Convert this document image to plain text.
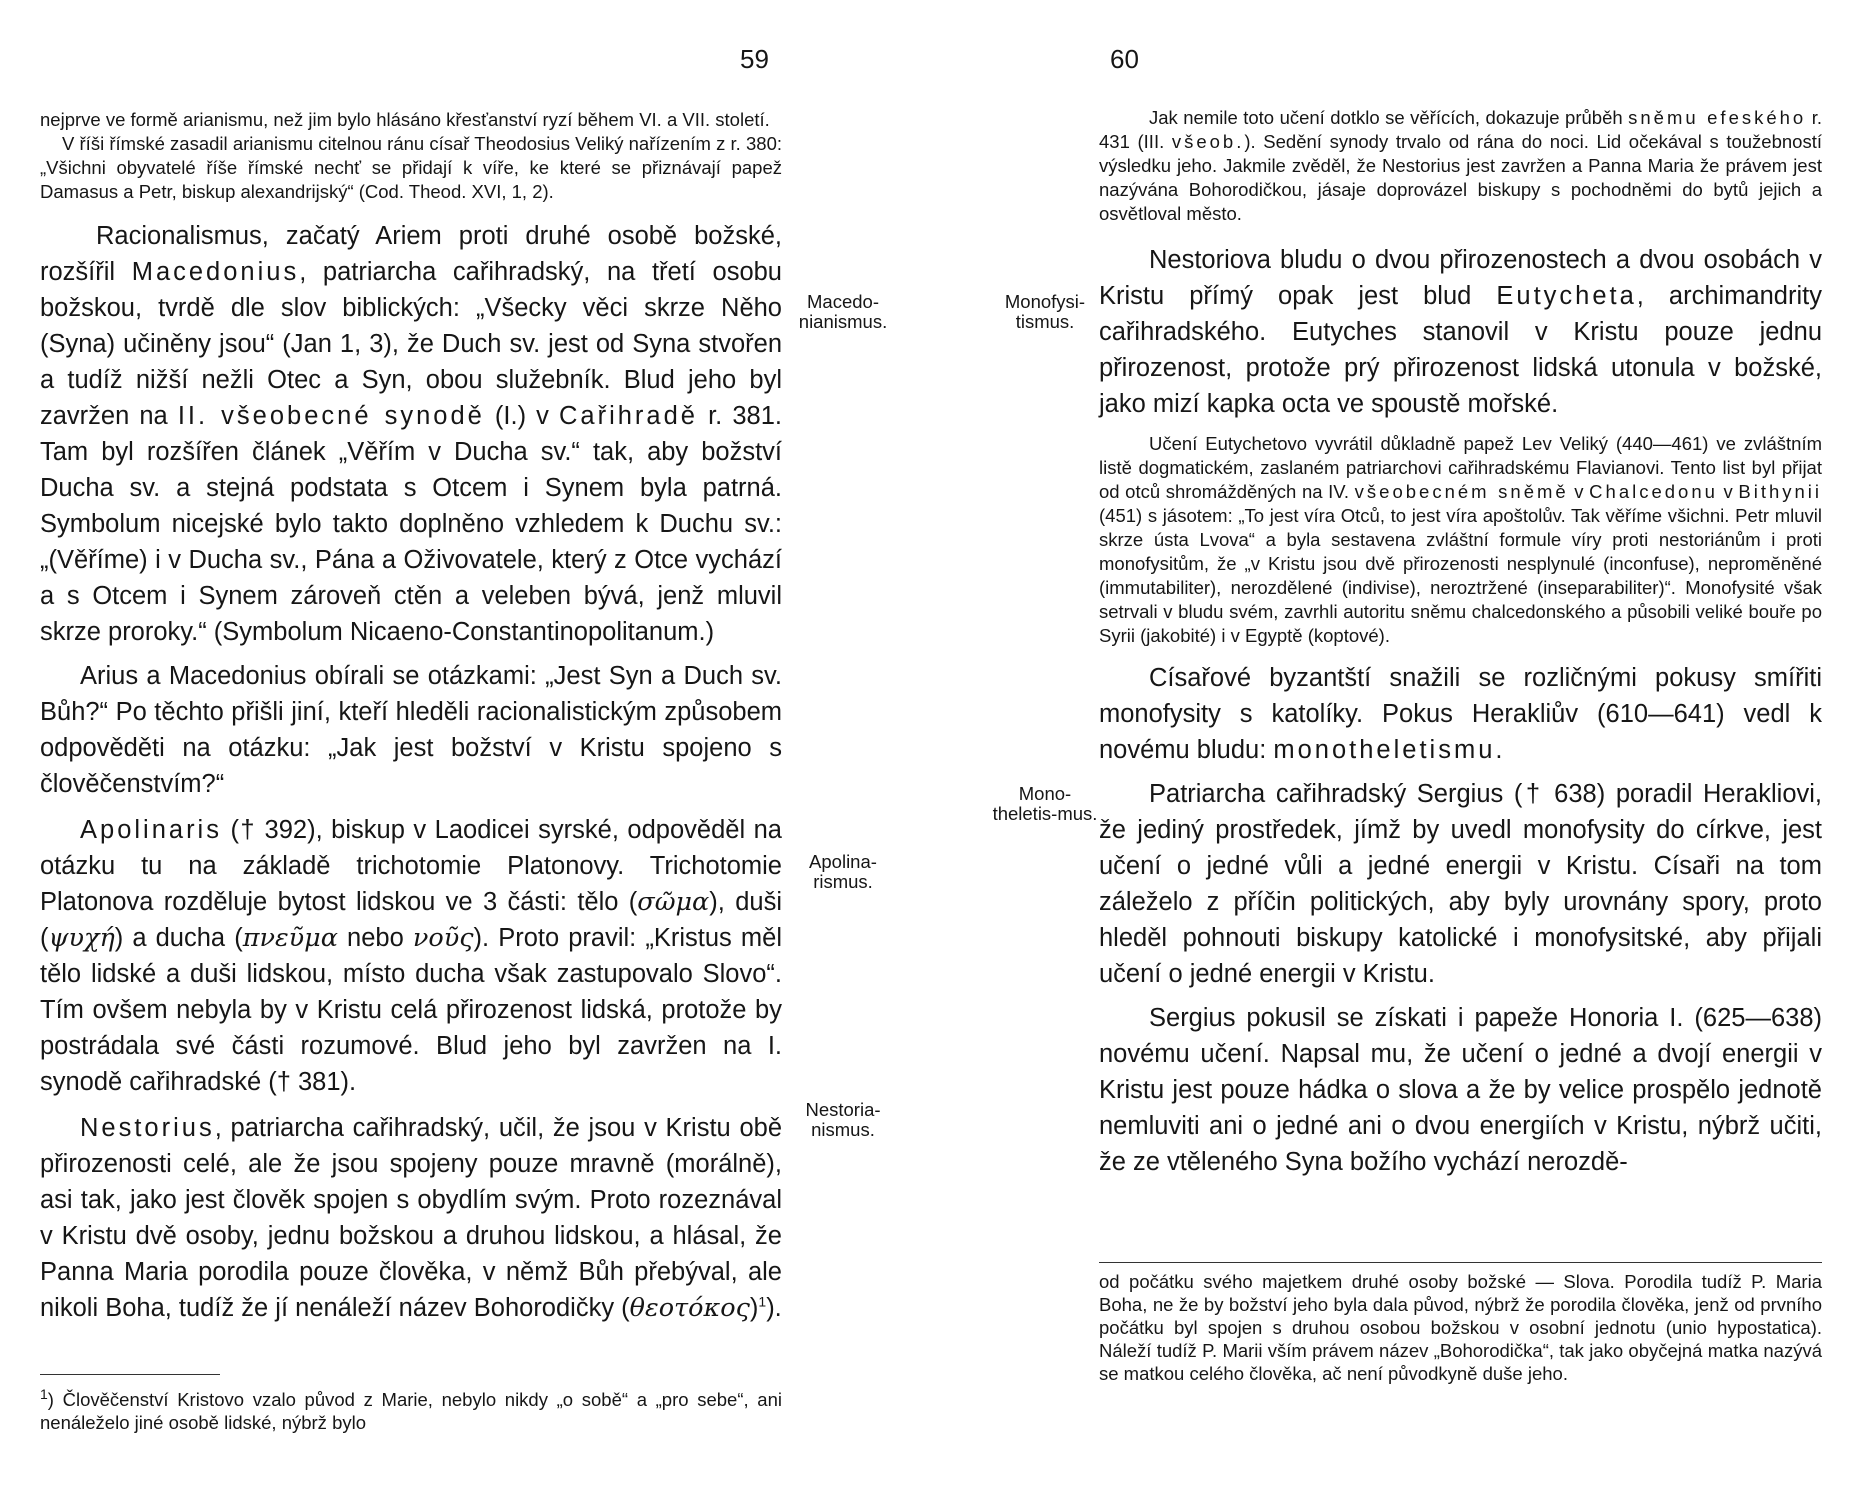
59

nejprve ve formě arianismu, než jim bylo hlásáno křesťanství ryzí během VI. a VII. století.

V říši římské zasadil arianismu citelnou ránu císař Theodosius Veliký nařízením z r. 380: „Všichni obyvatelé říše římské nechť se přidají k víře, ke které se přiznávají papež Damasus a Petr, biskup alexandrijský“ (Cod. Theod. XVI, 1, 2).

Racionalismus, začatý Ariem proti druhé osobě božské, rozšířil Macedonius, patriarcha cařihradský, na třetí osobu božskou, tvrdě dle slov biblických: „Všecky věci skrze Něho (Syna) učiněny jsou“ (Jan 1, 3), že Duch sv. jest od Syna stvořen a tudíž nižší nežli Otec a Syn, obou služebník. Blud jeho byl zavržen na II. všeobecné synodě (I.) v Cařihradě r. 381. Tam byl rozšířen článek „Věřím v Ducha sv.“ tak, aby božství Ducha sv. a stejná podstata s Otcem i Synem byla patrná. Symbolum nicejské bylo takto doplněno vzhledem k Duchu sv.: „(Věříme) i v Ducha sv., Pána a Oživovatele, který z Otce vychází a s Otcem i Synem zároveň ctěn a veleben bývá, jenž mluvil skrze proroky.“ (Symbolum Nicaeno-Constantinopolitanum.)

Arius a Macedonius obírali se otázkami: „Jest Syn a Duch sv. Bůh?“ Po těchto přišli jiní, kteří hleděli racionalistickým způsobem odpověděti na otázku: „Jak jest božství v Kristu spojeno s člověčenstvím?“

Apolinaris († 392), biskup v Laodicei syrské, odpověděl na otázku tu na základě trichotomie Platonovy. Trichotomie Platonova rozděluje bytost lidskou ve 3 části: tělo (σῶμα), duši (ψυχή) a ducha (πνεῦμα nebo νοῦς). Proto pravil: „Kristus měl tělo lidské a duši lidskou, místo ducha však zastupovalo Slovo“. Tím ovšem nebyla by v Kristu celá přirozenost lidská, protože by postrádala své části rozumové. Blud jeho byl zavržen na I. synodě cařihradské († 381).

Nestorius, patriarcha cařihradský, učil, že jsou v Kristu obě přirozenosti celé, ale že jsou spojeny pouze mravně (morálně), asi tak, jako jest člověk spojen s obydlím svým. Proto rozeznával v Kristu dvě osoby, jednu božskou a druhou lidskou, a hlásal, že Panna Maria porodila pouze člověka, v němž Bůh přebýval, ale nikoli Boha, tudíž že jí nenáleží název Bohorodičky $(\theta\varepsilon o\tau ό\kappa o\varsigma)^1$).

Macedo-nianismus.
Apolina-rismus.
Nestoria-nismus.

$^1$) Člověčenství Kristovo vzalo původ z Marie, nebylo nikdy „o sobě“ a „pro sebe“, ani nenáleželo jiné osobě lidské, nýbrž bylo

60

Jak nemile toto učení dotklo se věřících, dokazuje průběh sněmu efeského r. 431 (III. všeob.). Sedění synody trvalo od rána do noci. Lid očekával s toužebností výsledku jeho. Jakmile zvěděl, že Nestorius jest zavržen a Panna Maria že právem jest nazývána Bohorodičkou, jásaje doprovázel biskupy s pochodněmi do bytů jejich a osvětloval město.

Nestoriova bludu o dvou přirozenostech a dvou osobách v Kristu přímý opak jest blud Eutycheta, archimandrity cařihradského. Eutyches stanovil v Kristu pouze jednu přirozenost, protože prý přirozenost lidská utonula v božské, jako mizí kapka octa ve spoustě mořské.

Učení Eutychetovo vyvrátil důkladně papež Lev Veliký (440—461) ve zvláštním listě dogmatickém, zaslaném patriarchovi cařihradskému Flavianovi. Tento list byl přijat od otců shromážděných na IV. všeobecném sněmě v Chalcedonu v Bithynii (451) s jásotem: „To jest víra Otců, to jest víra apoštolův. Tak věříme všichni. Petr mluvil skrze ústa Lvova“ a byla sestavena zvláštní formule víry proti nestoriánům i proti monofysitům, že „v Kristu jsou dvě přirozenosti nesplynulé (inconfuse), nepromĕněné (immutabiliter), nerozdělené (indivise), neroztržené (inseparabiliter)“. Monofysité však setrvali v bludu svém, zavrhli autoritu sněmu chalcedonského a působili veliké bouře po Syrii (jakobité) i v Egyptě (koptové).

Císařové byzantští snažili se rozličnými pokusy smířiti monofysity s katolíky. Pokus Herakliův (610—641) vedl k novému bludu: monotheletismu.

Patriarcha cařihradský Sergius († 638) poradil Herakliovi, že jediný prostředek, jímž by uvedl monofysity do církve, jest učení o jedné vůli a jedné energii v Kristu. Císaři na tom záleželo z příčin politických, aby byly urovnány spory, proto hleděl pohnouti biskupy katolické i monofysitské, aby přijali učení o jedné energii v Kristu.

Sergius pokusil se získati i papeže Honoria I. (625—638) novému učení. Napsal mu, že učení o jedné a dvojí energii v Kristu jest pouze hádka o slova a že by velice prospělo jednotě nemluviti ani o jedné ani o dvou energiích v Kristu, nýbrž učiti, že ze vtěleného Syna božího vychází nerozdě-

Monofysi-tismus.
Mono-theletis-mus.

od počátku svého majetkem druhé osoby božské — Slova. Porodila tudíž P. Maria Boha, ne že by božství jeho byla dala původ, nýbrž že porodila člověka, jenž od prvního počátku byl spojen s druhou osobou božskou v osobní jednotu (unio hypostatica). Náleží tudíž P. Marii vším právem název „Bohorodička“, tak jako obyčejná matka nazývá se matkou celého člověka, ač není původkyně duše jeho.
